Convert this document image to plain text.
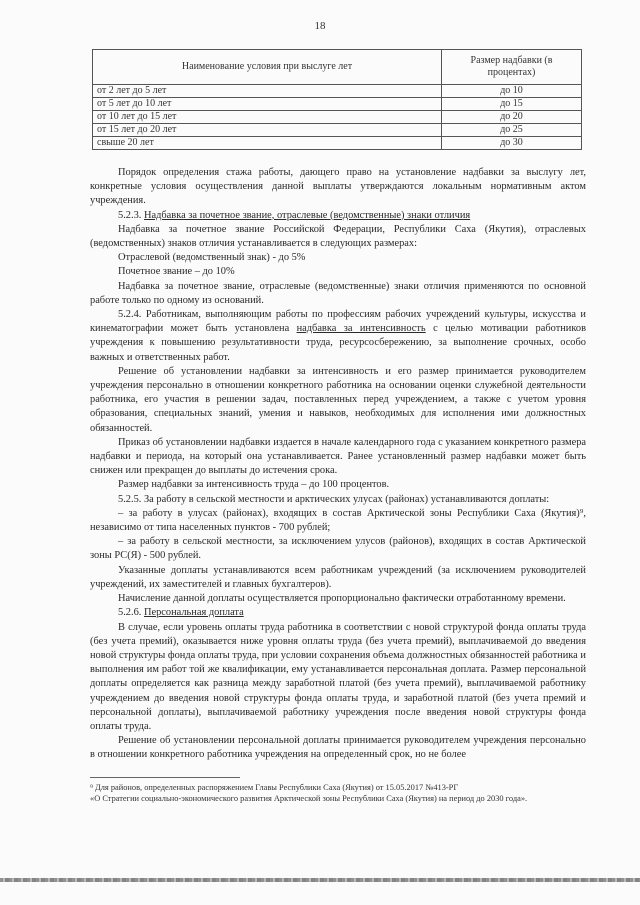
18
Наименование условия при выслуге лет	Размер надбавки (в процентах)
от 2 лет до 5 лет	до 10
от 5 лет до 10 лет	до 15
от 10 лет до 15 лет	до 20
от 15 лет до 20 лет	до 25
свыше 20 лет	до 30

Порядок определения стажа работы, дающего право на установление надбавки за выслугу лет, конкретные условия осуществления данной выплаты утверждаются локальным нормативным актом учреждения.

5.2.3. Надбавка за почетное звание, отраслевые (ведомственные) знаки отличия

Надбавка за почетное звание Российской Федерации, Республики Саха (Якутия), отраслевых (ведомственных) знаков отличия устанавливается в следующих размерах:

Отраслевой (ведомственный знак) - до 5%

Почетное звание – до 10%

Надбавка за почетное звание, отраслевые (ведомственные) знаки отличия применяются по основной работе только по одному из оснований.

5.2.4. Работникам, выполняющим работы по профессиям рабочих учреждений культуры, искусства и кинематографии может быть установлена надбавка за интенсивность с целью мотивации работников учреждения к повышению результативности труда, ресурсосбережению, за выполнение срочных, особо важных и ответственных работ.

Решение об установлении надбавки за интенсивность и его размер принимается руководителем учреждения персонально в отношении конкретного работника на основании оценки служебной деятельности работника, его участия в решении задач, поставленных перед учреждением, а также с учетом уровня образования, специальных знаний, умения и навыков, необходимых для исполнения ими должностных обязанностей.

Приказ об установлении надбавки издается в начале календарного года с указанием конкретного размера надбавки и периода, на который она устанавливается. Ранее установленный размер надбавки может быть снижен или прекращен до выплаты до истечения срока.

Размер надбавки за интенсивность труда – до 100 процентов.

5.2.5. За работу в сельской местности и арктических улусах (районах) устанавливаются доплаты:

– за работу в улусах (районах), входящих в состав Арктической зоны Республики Саха (Якутия)⁹, независимо от типа населенных пунктов - 700 рублей;

– за работу в сельской местности, за исключением улусов (районов), входящих в состав Арктической зоны РС(Я) - 500 рублей.

Указанные доплаты устанавливаются всем работникам учреждений (за исключением руководителей учреждений, их заместителей и главных бухгалтеров).

Начисление данной доплаты осуществляется пропорционально фактически отработанному времени.

5.2.6. Персональная доплата

В случае, если уровень оплаты труда работника в соответствии с новой структурой фонда оплаты труда (без учета премий), оказывается ниже уровня оплаты труда (без учета премий), выплачиваемой до введения новой структуры фонда оплаты труда, при условии сохранения объема должностных обязанностей работника и выполнения им работ той же квалификации, ему устанавливается персональная доплата. Размер персональной доплаты определяется как разница между заработной платой (без учета премий), выплачиваемой работнику учреждением до введения новой структуры фонда оплаты труда, и заработной платой (без учета премий и персональной доплаты), выплачиваемой работнику учреждения после введения новой структуры фонда оплаты труда.

Решение об установлении персональной доплаты принимается руководителем учреждения персонально в отношении конкретного работника учреждения на определенный срок, но не более

⁹ Для районов, определенных распоряжением Главы Республики Саха (Якутия) от 15.05.2017 №413-РГ

«О Стратегии социально-экономического развития Арктической зоны Республики Саха (Якутия) на период до 2030 года».
